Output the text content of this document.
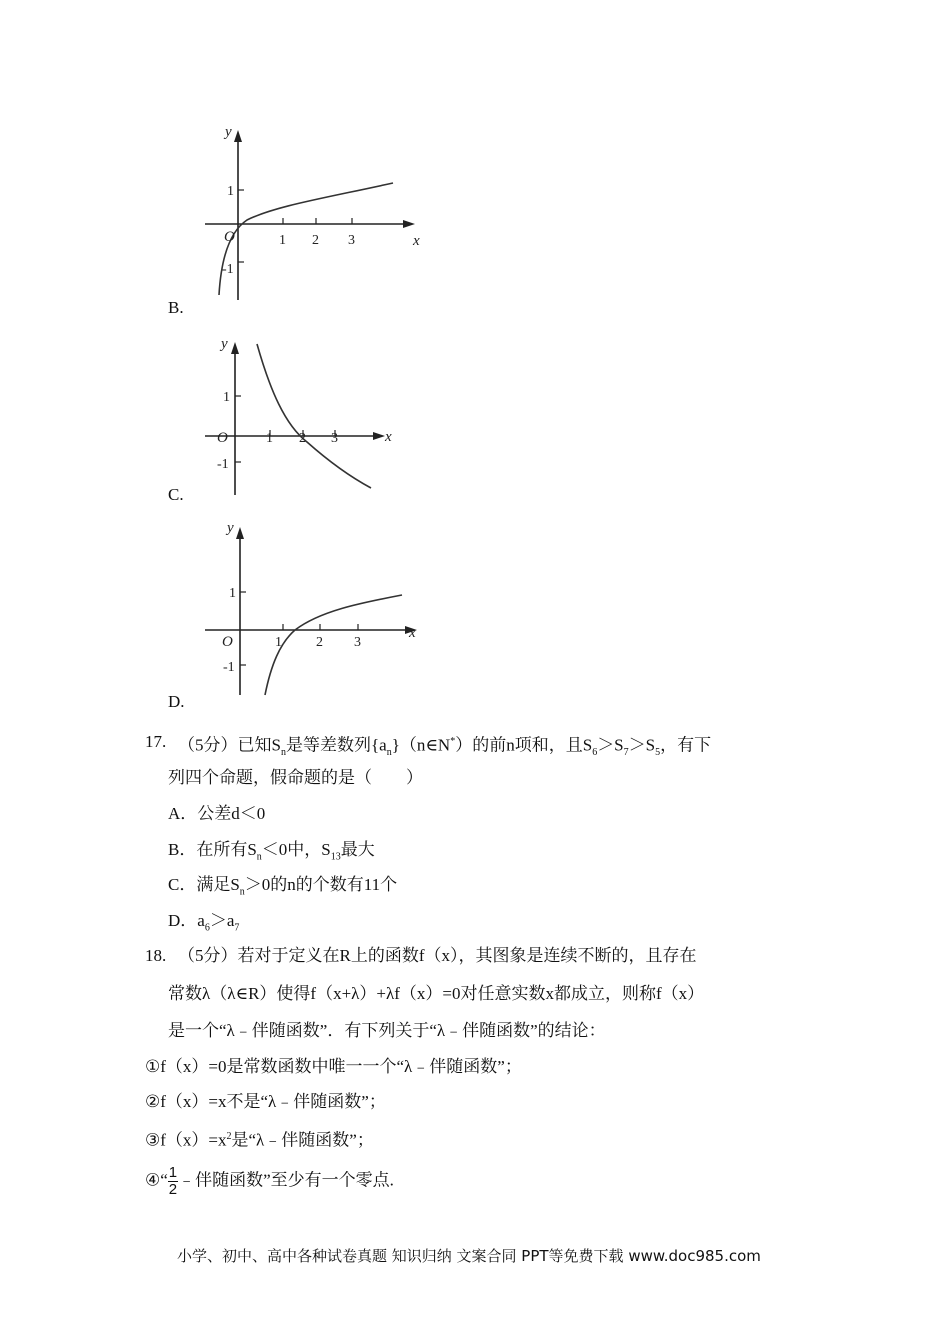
y
x
O
1
-1
1 2 3
B.
y
x
O
1
-1
1 2 3
C.
y
x
O
1
-1
1 2 3
D.
17. （5分）已知$S_n$是等差数列$\{a_n\}(n\in N^*)$的前n项和，且$S_6>S_7>S_5$，有下
列四个命题，假命题的是（　　）
A．公差d＜0
B．在所有$S_n<0$中，$S_{13}$最大
C．满足$S_n>0$的n的个数有11个
D．$a_6>a_7$
18. （5分）若对于定义在R上的函数f（x），其图象是连续不断的，且存在
常数λ（λ∈R）使得f（x+λ）+λf（x）=0对任意实数x都成立，则称f（x）
是一个“λ﹣伴随函数”．有下列关于“λ﹣伴随函数”的结论：
①f（x）=0是常数函数中唯一一个“λ﹣伴随函数”；
②f（x）=x不是“λ﹣伴随函数”；
$③f(x)=x^2$是“λ﹣伴随函数”；
④“ $\frac{1}{2}$ ﹣伴随函数”至少有一个零点.
小学、初中、高中各种试卷真题 知识归纳 文案合同 PPT等免费下载 www.doc985.com
